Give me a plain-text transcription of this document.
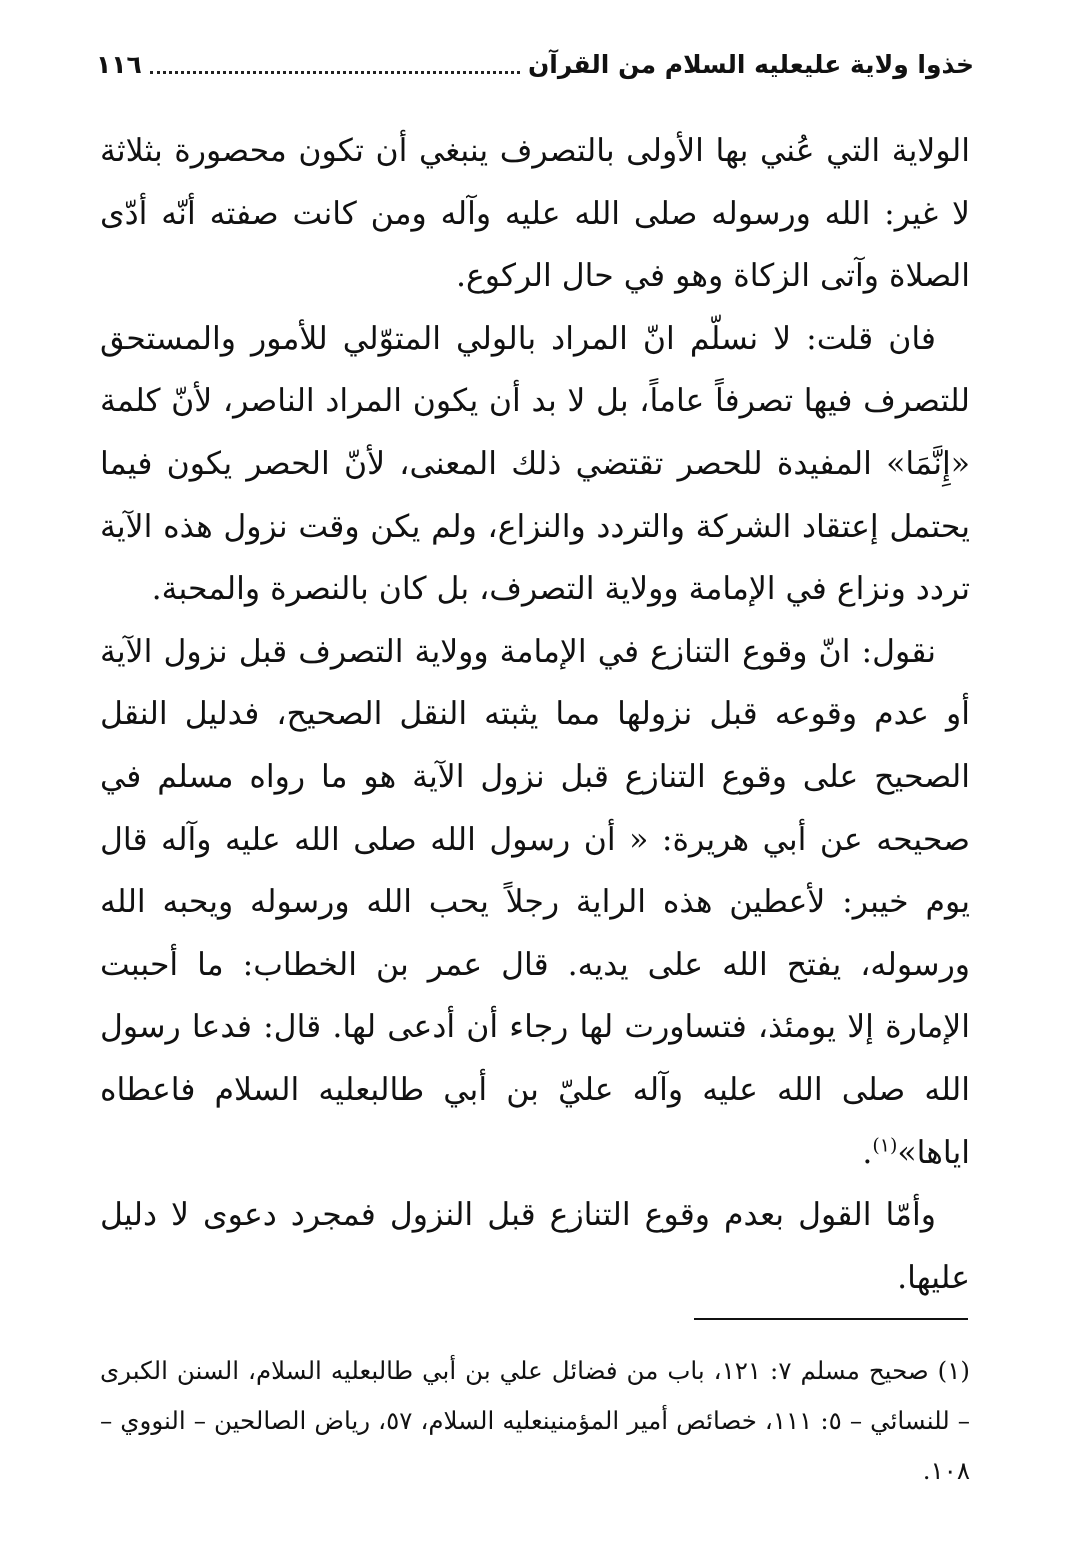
خذوا ولاية علي‏عليه السلام من القرآن
١١٦

الولاية التي عُني بها الأولى بالتصرف ينبغي أن تكون محصورة بثلاثة لا غير: الله ورسوله صلى الله عليه وآله ومن كانت صفته أنّه أدّى الصلاة وآتى الزكاة وهو في حال الركوع.

فان قلت: لا نسلّم انّ المراد بالولي المتوّلي للأمور والمستحق للتصرف فيها تصرفاً عاماً، بل لا بد أن يكون المراد الناصر، لأنّ كلمة «إِنَّمَا» المفيدة للحصر تقتضي ذلك المعنى، لأنّ الحصر يكون فيما يحتمل إعتقاد الشركة والتردد والنزاع، ولم يكن وقت نزول هذه الآية تردد ونزاع في الإمامة وولاية التصرف، بل كان بالنصرة والمحبة.

نقول: انّ وقوع التنازع في الإمامة وولاية التصرف قبل نزول الآية أو عدم وقوعه قبل نزولها مما يثبته النقل الصحيح، فدليل النقل الصحيح على وقوع التنازع قبل نزول الآية هو ما رواه مسلم في صحيحه عن أبي هريرة: « أن رسول الله صلى الله عليه وآله قال يوم خيبر: لأعطين هذه الراية رجلاً يحب الله ورسوله ويحبه الله ورسوله، يفتح الله على يديه. قال عمر بن الخطاب: ما أحببت الإمارة إلا يومئذ، فتساورت لها رجاء أن أدعى لها. قال: فدعا رسول الله صلى الله عليه وآله عليّ بن أبي طالب‏عليه السلام فاعطاه اياها»$^{(١)}$.

وأمّا القول بعدم وقوع التنازع قبل النزول فمجرد دعوى لا دليل عليها.

(١) صحيح مسلم ٧: ١٢١، باب من فضائل علي بن أبي طالب‏عليه السلام، السنن الكبرى – للنسائي – ٥: ١١١، خصائص أمير المؤمنين‏عليه السلام، ٥٧، رياض الصالحين – النووي – ١٠٨.
